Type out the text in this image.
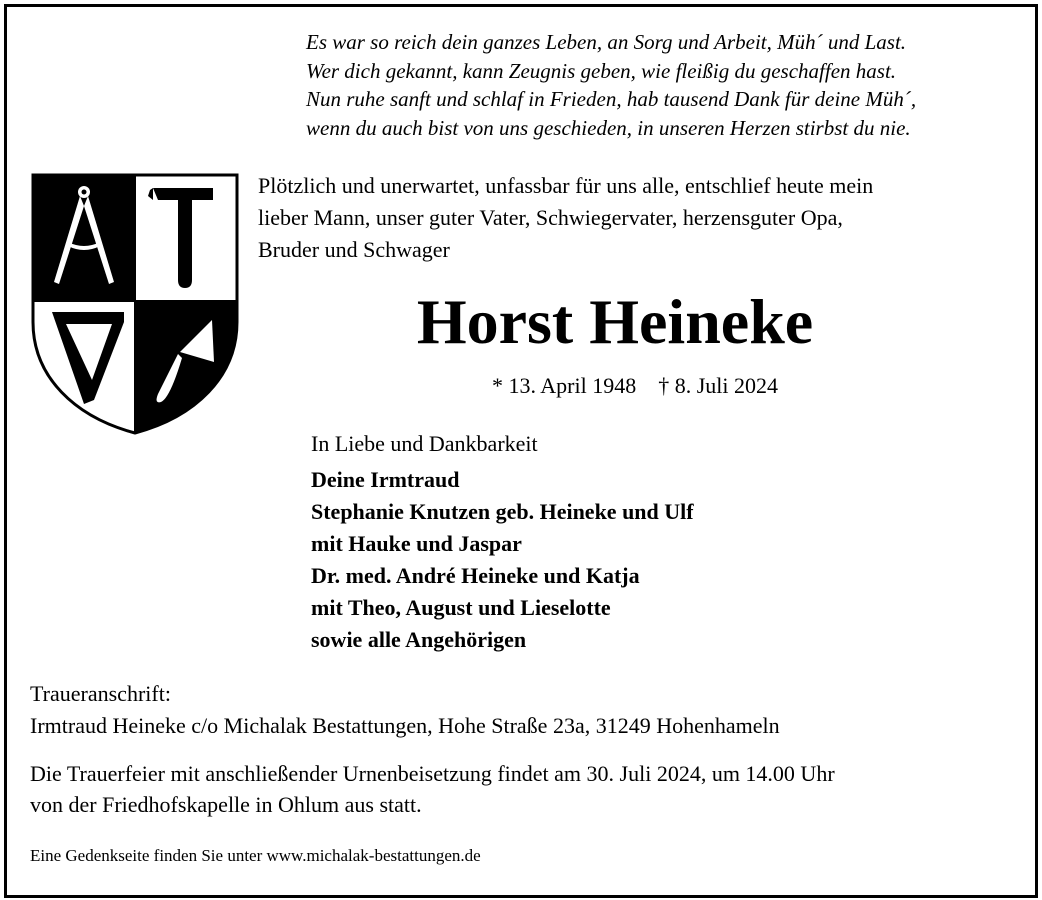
Es war so reich dein ganzes Leben, an Sorg und Arbeit, Müh´ und Last.
Wer dich gekannt, kann Zeugnis geben, wie fleißig du geschaffen hast.
Nun ruhe sanft und schlaf in Frieden, hab tausend Dank für deine Müh´,
wenn du auch bist von uns geschieden, in unseren Herzen stirbst du nie.
Plötzlich und unerwartet, unfassbar für uns alle, entschlief heute mein
lieber Mann, unser guter Vater, Schwiegervater, herzensguter Opa,
Bruder und Schwager
Horst Heineke
* 13. April 1948 † 8. Juli 2024
In Liebe und Dankbarkeit
Deine Irmtraud
Stephanie Knutzen geb. Heineke und Ulf
mit Hauke und Jaspar
Dr. med. André Heineke und Katja
mit Theo, August und Lieselotte
sowie alle Angehörigen
Traueranschrift:
Irmtraud Heineke c/o Michalak Bestattungen, Hohe Straße 23a, 31249 Hohenhameln
Die Trauerfeier mit anschließender Urnenbeisetzung findet am 30. Juli 2024, um 14.00 Uhr
von der Friedhofskapelle in Ohlum aus statt.
Eine Gedenkseite finden Sie unter www.michalak-bestattungen.de
